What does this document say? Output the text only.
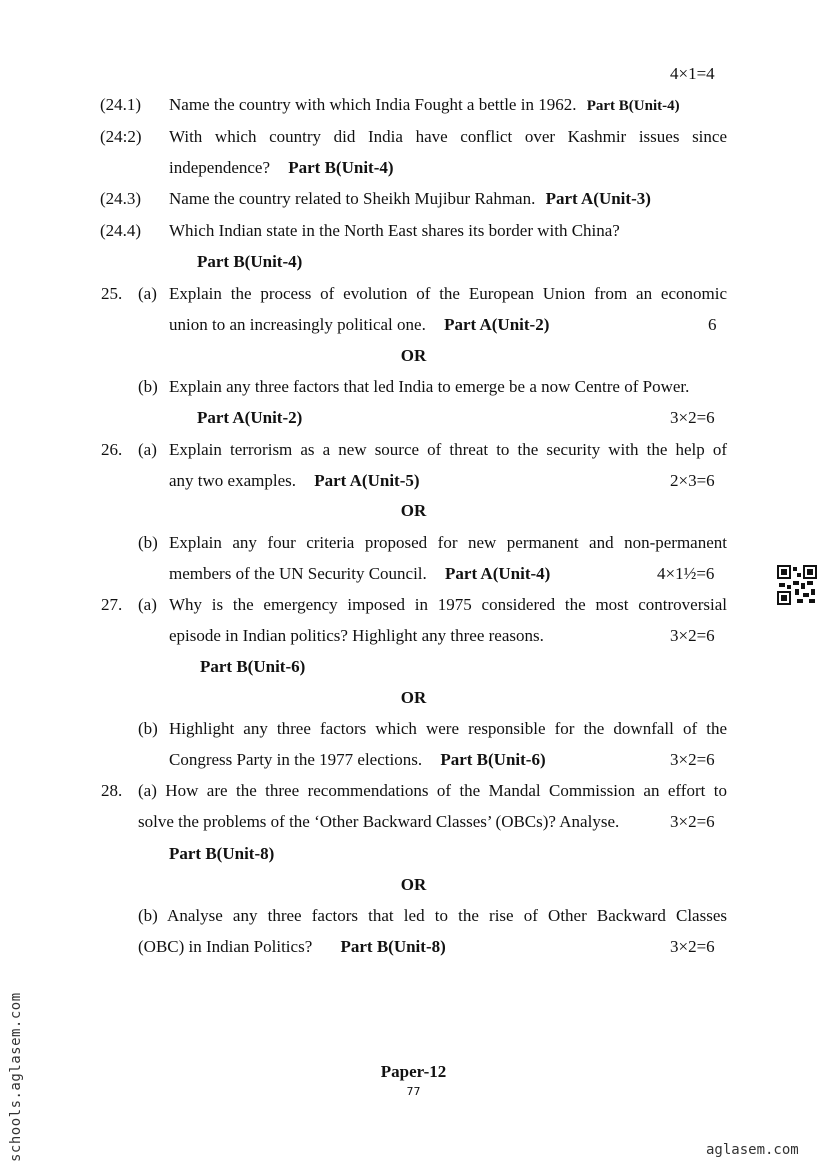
4×1=4
(24.1) Name the country with which India Fought a bettle in 1962. Part B(Unit-4)
(24:2) With which country did India have conflict over Kashmir issues since
independence? Part B(Unit-4)
(24.3) Name the country related to Sheikh Mujibur Rahman. Part A(Unit-3)
(24.4) Which Indian state in the North East shares its border with China?
Part B(Unit-4)
25. (a) Explain the process of evolution of the European Union from an economic
union to an increasingly political one. Part A(Unit-2)	6
OR
(b) Explain any three factors that led India to emerge be a now Centre of Power.
Part A(Unit-2)	3×2=6
26. (a) Explain terrorism as a new source of threat to the security with the help of
any two examples. Part A(Unit-5)	2×3=6
OR
(b) Explain any four criteria proposed for new permanent and non-permanent
members of the UN Security Council. Part A(Unit-4)	4×1½=6
27. (a) Why is the emergency imposed in 1975 considered the most controversial
episode in Indian politics? Highlight any three reasons.	3×2=6
Part B(Unit-6)
OR
(b) Highlight any three factors which were responsible for the downfall of the
Congress Party in the 1977 elections. Part B(Unit-6)	3×2=6
28. (a) How are the three recommendations of the Mandal Commission an effort to
solve the problems of the ‘Other Backward Classes’ (OBCs)? Analyse.	3×2=6
Part B(Unit-8)
OR
(b) Analyse any three factors that led to the rise of Other Backward Classes
(OBC) in Indian Politics? Part B(Unit-8)	3×2=6
Paper-12
77
schools.aglasem.com	aglasem.com
